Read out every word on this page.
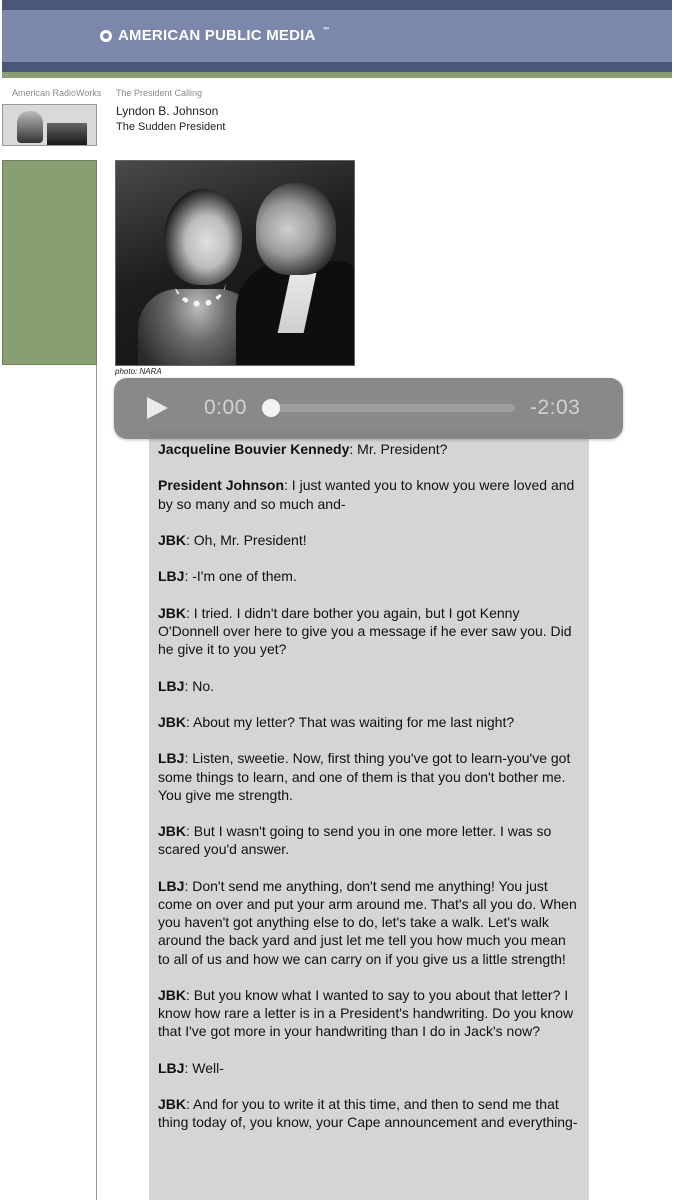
AMERICAN PUBLIC MEDIA ™
American RadioWorks The President Calling
Lyndon B. Johnson
The Sudden President
photo: NARA

Jacqueline Bouvier Kennedy: Mr. President?

President Johnson: I just wanted you to know you were loved and by so many and so much and-

JBK: Oh, Mr. President!

LBJ: -I'm one of them.

JBK: I tried. I didn't dare bother you again, but I got Kenny O'Donnell over here to give you a message if he ever saw you. Did he give it to you yet?

LBJ: No.

JBK: About my letter? That was waiting for me last night?

LBJ: Listen, sweetie. Now, first thing you've got to learn-you've got some things to learn, and one of them is that you don't bother me. You give me strength.

JBK: But I wasn't going to send you in one more letter. I was so scared you'd answer.

LBJ: Don't send me anything, don't send me anything! You just come on over and put your arm around me. That's all you do. When you haven't got anything else to do, let's take a walk. Let's walk around the back yard and just let me tell you how much you mean to all of us and how we can carry on if you give us a little strength!

JBK: But you know what I wanted to say to you about that letter? I know how rare a letter is in a President's handwriting. Do you know that I've got more in your handwriting than I do in Jack's now?

LBJ: Well-

JBK: And for you to write it at this time, and then to send me that thing today of, you know, your Cape announcement and everything-

0:00	-2:03
